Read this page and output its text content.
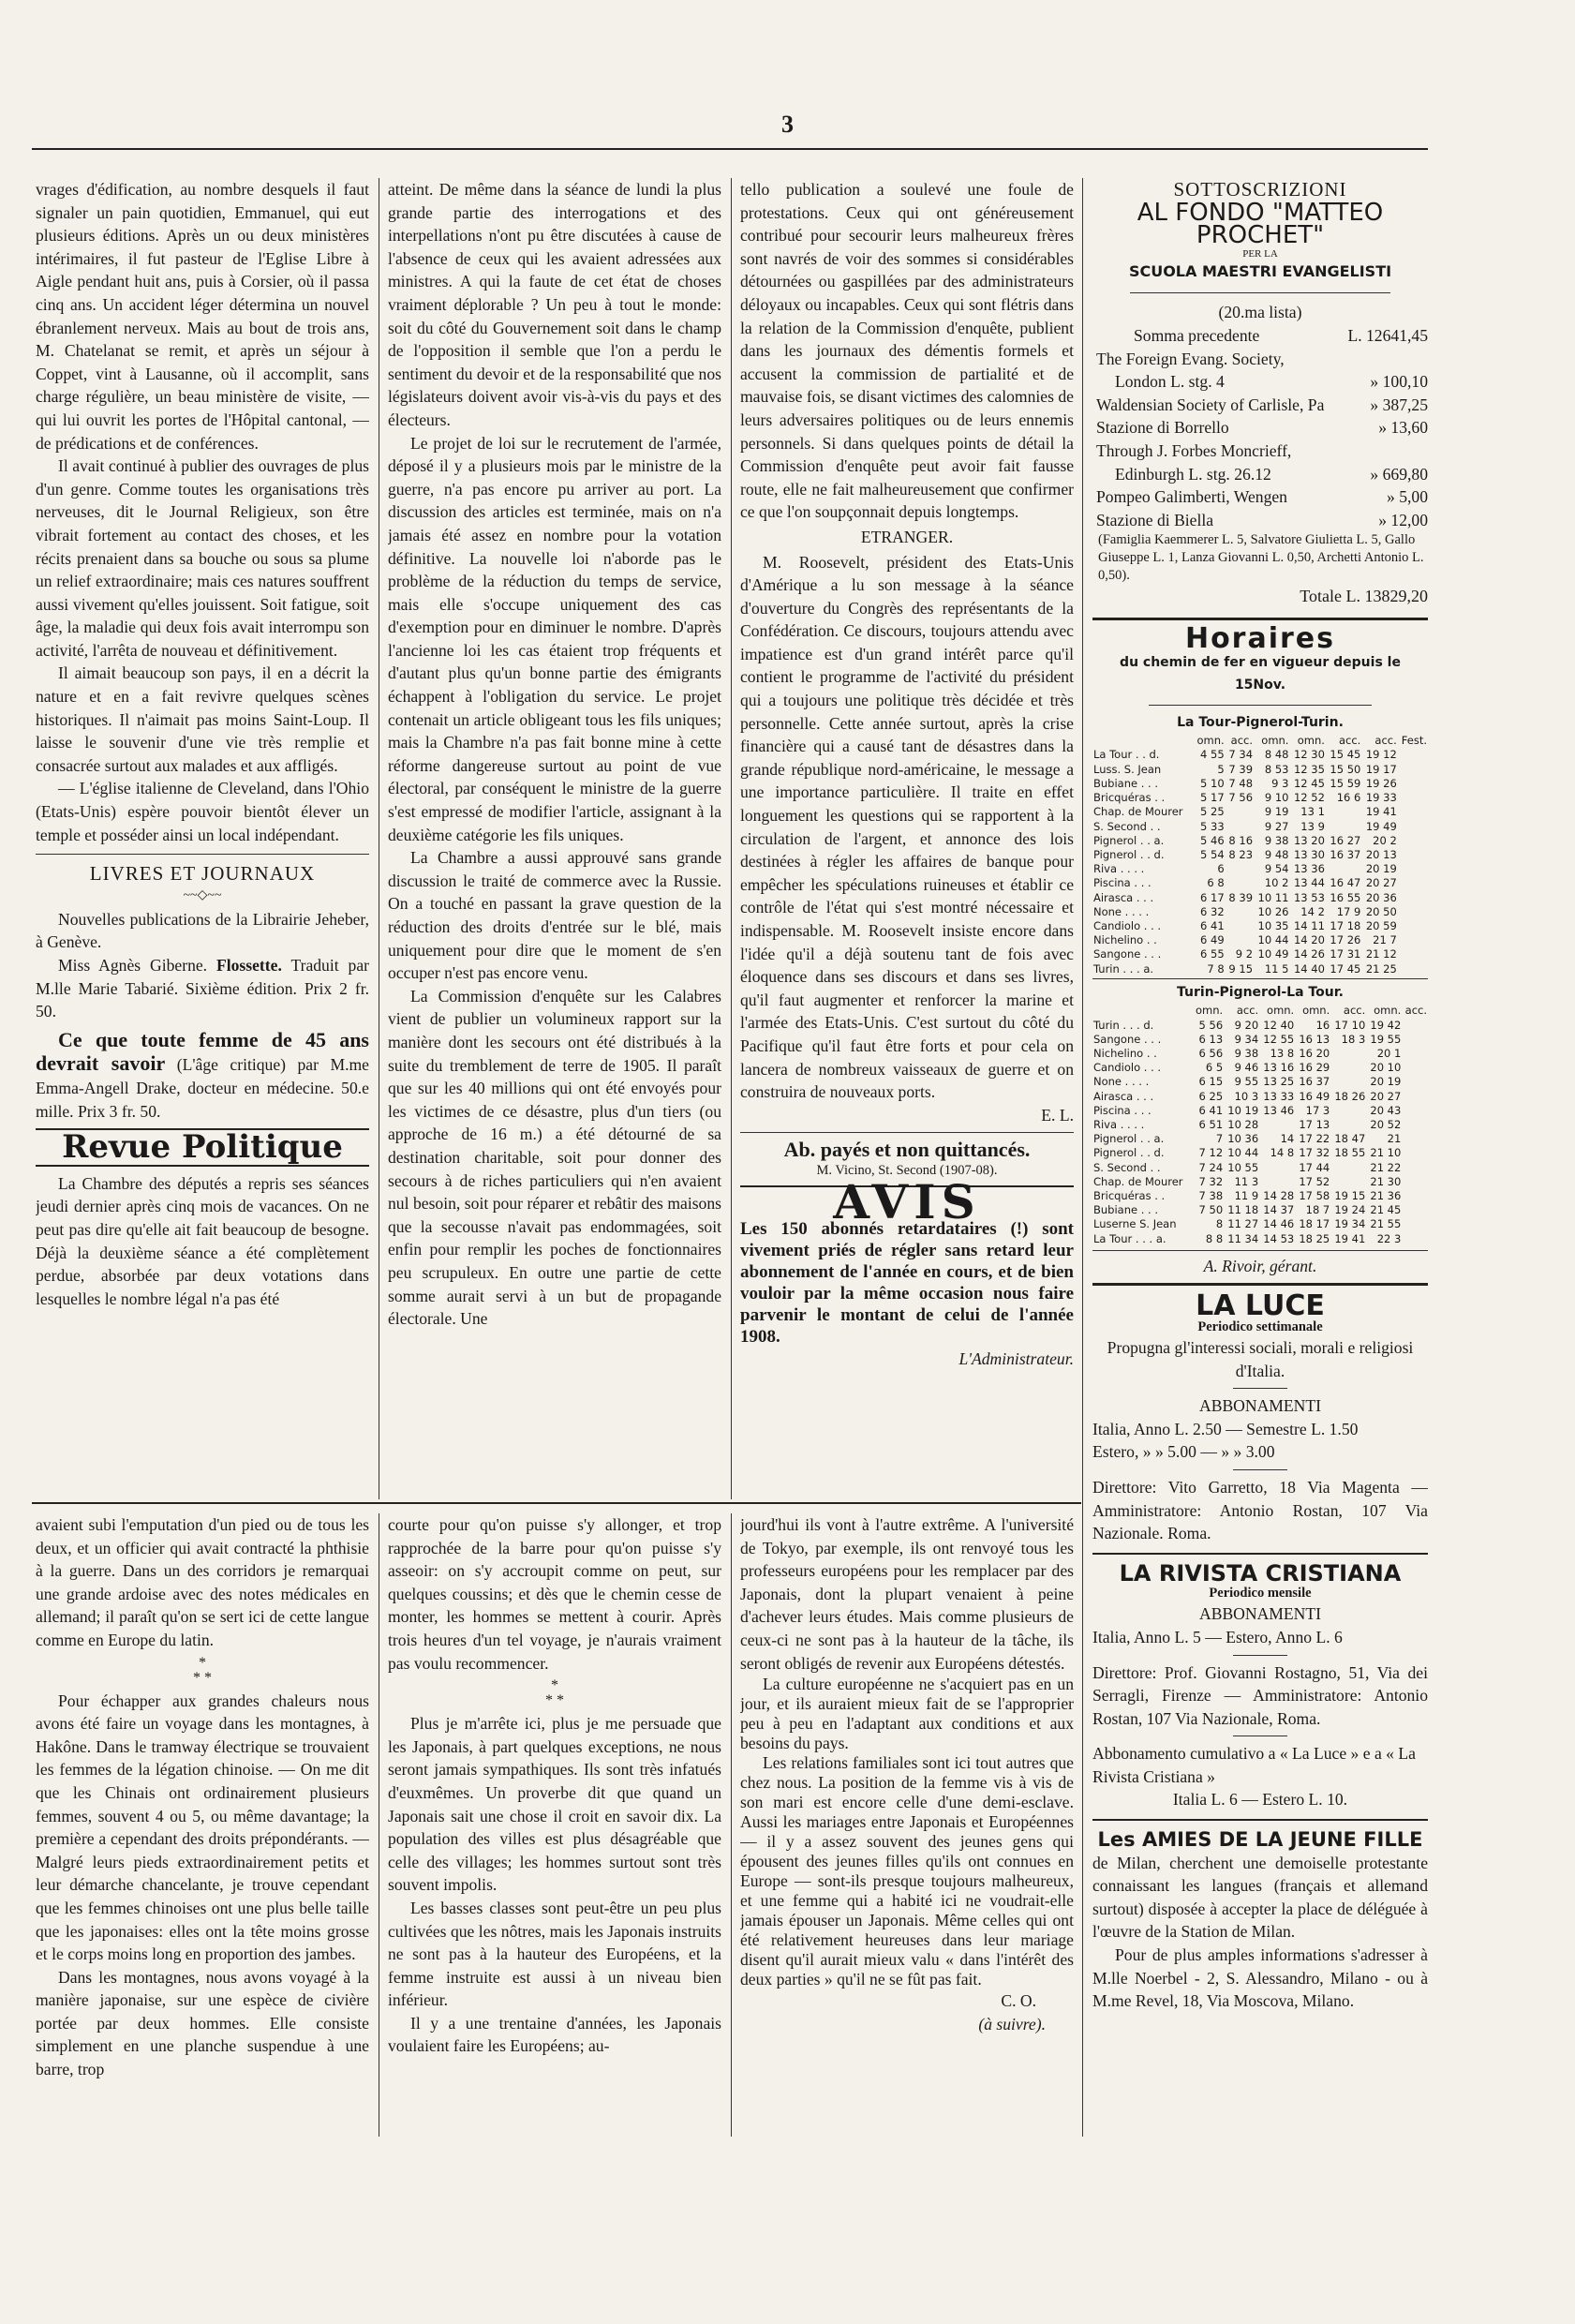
3

vrages d'édification, au nombre desquels il faut signaler un pain quotidien, Emmanuel, qui eut plusieurs éditions. Après un ou deux ministères intérimaires, il fut pasteur de l'Eglise Libre à Aigle pendant huit ans, puis à Corsier, où il passa cinq ans. Un accident léger détermina un nouvel ébranlement nerveux. Mais au bout de trois ans, M. Chatelanat se remit, et après un séjour à Coppet, vint à Lausanne, où il accomplit, sans charge régulière, un beau ministère de visite, — qui lui ouvrit les portes de l'Hôpital cantonal, — de prédications et de conférences.

Il avait continué à publier des ouvrages de plus d'un genre. Comme toutes les organisations très nerveuses, dit le Journal Religieux, son être vibrait fortement au contact des choses, et les récits prenaient dans sa bouche ou sous sa plume un relief extraordinaire; mais ces natures souffrent aussi vivement qu'elles jouissent. Soit fatigue, soit âge, la maladie qui deux fois avait interrompu son activité, l'arrêta de nouveau et définitivement.

Il aimait beaucoup son pays, il en a décrit la nature et en a fait revivre quelques scènes historiques. Il n'aimait pas moins Saint-Loup. Il laisse le souvenir d'une vie très remplie et consacrée surtout aux malades et aux affligés.

— L'église italienne de Cleveland, dans l'Ohio (Etats-Unis) espère pouvoir bientôt élever un temple et posséder ainsi un local indépendant.

LIVRES ET JOURNAUX
~~◇~~

Nouvelles publications de la Librairie Jeheber, à Genève.

Miss Agnès Giberne. Flossette. Traduit par M.lle Marie Tabarié. Sixième édition. Prix 2 fr. 50.

Ce que toute femme de 45 ans devrait savoir (L'âge critique) par M.me Emma-Angell Drake, docteur en médecine. 50.e mille. Prix 3 fr. 50.

Revue Politique

La Chambre des députés a repris ses séances jeudi dernier après cinq mois de vacances. On ne peut pas dire qu'elle ait fait beaucoup de besogne. Déjà la deuxième séance a été complètement perdue, absorbée par deux votations dans lesquelles le nombre légal n'a pas été

atteint. De même dans la séance de lundi la plus grande partie des interrogations et des interpellations n'ont pu être discutées à cause de l'absence de ceux qui les avaient adressées aux ministres. A qui la faute de cet état de choses vraiment déplorable ? Un peu à tout le monde: soit du côté du Gouvernement soit dans le champ de l'opposition il semble que l'on a perdu le sentiment du devoir et de la responsabilité que nos législateurs doivent avoir vis-à-vis du pays et des électeurs.

Le projet de loi sur le recrutement de l'armée, déposé il y a plusieurs mois par le ministre de la guerre, n'a pas encore pu arriver au port. La discussion des articles est terminée, mais on n'a jamais été assez en nombre pour la votation définitive. La nouvelle loi n'aborde pas le problème de la réduction du temps de service, mais elle s'occupe uniquement des cas d'exemption pour en diminuer le nombre. D'après l'ancienne loi les cas étaient trop fréquents et d'autant plus qu'un bonne partie des émigrants échappent à l'obligation du service. Le projet contenait un article obligeant tous les fils uniques; mais la Chambre n'a pas fait bonne mine à cette réforme dangereuse surtout au point de vue électoral, par conséquent le ministre de la guerre s'est empressé de modifier l'article, assignant à la deuxième catégorie les fils uniques.

La Chambre a aussi approuvé sans grande discussion le traité de commerce avec la Russie. On a touché en passant la grave question de la réduction des droits d'entrée sur le blé, mais uniquement pour dire que le moment de s'en occuper n'est pas encore venu.

La Commission d'enquête sur les Calabres vient de publier un volumineux rapport sur la manière dont les secours ont été distribués à la suite du tremblement de terre de 1905. Il paraît que sur les 40 millions qui ont été envoyés pour les victimes de ce désastre, plus d'un tiers (ou approche de 16 m.) a été détourné de sa destination charitable, soit pour donner des secours à de riches particuliers qui n'en avaient nul besoin, soit pour réparer et rebâtir des maisons que la secousse n'avait pas endommagées, soit enfin pour remplir les poches de fonctionnaires peu scrupuleux. En outre une partie de cette somme aurait servi à un but de propagande électorale. Une

tello publication a soulevé une foule de protestations. Ceux qui ont généreusement contribué pour secourir leurs malheureux frères sont navrés de voir des sommes si considérables détournées ou gaspillées par des administrateurs déloyaux ou incapables. Ceux qui sont flétris dans la relation de la Commission d'enquête, publient dans les journaux des démentis formels et accusent la commission de partialité et de mauvaise fois, se disant victimes des calomnies de leurs adversaires politiques ou de leurs ennemis personnels. Si dans quelques points de détail la Commission d'enquête peut avoir fait fausse route, elle ne fait malheureusement que confirmer ce que l'on soupçonnait depuis longtemps.

ETRANGER.

M. Roosevelt, président des Etats-Unis d'Amérique a lu son message à la séance d'ouverture du Congrès des représentants de la Confédération. Ce discours, toujours attendu avec impatience est d'un grand intérêt parce qu'il contient le programme de l'activité du président qui a toujours une politique très décidée et très personnelle. Cette année surtout, après la crise financière qui a causé tant de désastres dans la grande république nord-américaine, le message a une importance particulière. Il traite en effet longuement les questions qui se rapportent à la circulation de l'argent, et annonce des lois destinées à régler les affaires de banque pour empêcher les spéculations ruineuses et établir ce contrôle de l'état qui s'est montré nécessaire et indispensable. M. Roosevelt insiste encore dans l'idée qu'il a déjà soutenu tant de fois avec éloquence dans ses discours et dans ses livres, qu'il faut augmenter et renforcer la marine et l'armée des Etats-Unis. C'est surtout du côté du Pacifique qu'il faut être forts et pour cela on lancera de nombreux vaisseaux de guerre et on construira de nouveaux ports.

E. L.
Ab. payés et non quittancés.
M. Vicino, St. Second (1907-08).
AVIS
Les 150 abonnés retardataires (!) sont vivement priés de régler sans retard leur abonnement de l'année en cours, et de bien vouloir par la même occasion nous faire parvenir le montant de celui de l'année 1908.
L'Administrateur.

avaient subi l'emputation d'un pied ou de tous les deux, et un officier qui avait contracté la phthisie à la guerre. Dans un des corridors je remarquai une grande ardoise avec des notes médicales en allemand; il paraît qu'on se sert ici de cette langue comme en Europe du latin.

*
* *

Pour échapper aux grandes chaleurs nous avons été faire un voyage dans les montagnes, à Hakône. Dans le tramway électrique se trouvaient les femmes de la légation chinoise. — On me dit que les Chinais ont ordinairement plusieurs femmes, souvent 4 ou 5, ou même davantage; la première a cependant des droits prépondérants. — Malgré leurs pieds extraordinairement petits et leur démarche chancelante, je trouve cependant que les femmes chinoises ont une plus belle taille que les japonaises: elles ont la tête moins grosse et le corps moins long en proportion des jambes.

Dans les montagnes, nous avons voyagé à la manière japonaise, sur une espèce de civière portée par deux hommes. Elle consiste simplement en une planche suspendue à une barre, trop

courte pour qu'on puisse s'y allonger, et trop rapprochée de la barre pour qu'on puisse s'y asseoir: on s'y accroupit comme on peut, sur quelques coussins; et dès que le chemin cesse de monter, les hommes se mettent à courir. Après trois heures d'un tel voyage, je n'aurais vraiment pas voulu recommencer.

*
* *

Plus je m'arrête ici, plus je me persuade que les Japonais, à part quelques exceptions, ne nous seront jamais sympathiques. Ils sont très infatués d'euxmêmes. Un proverbe dit que quand un Japonais sait une chose il croit en savoir dix. La population des villes est plus désagréable que celle des villages; les hommes surtout sont très souvent impolis.

Les basses classes sont peut-être un peu plus cultivées que les nôtres, mais les Japonais instruits ne sont pas à la hauteur des Européens, et la femme instruite est aussi à un niveau bien inférieur.

Il y a une trentaine d'années, les Japonais voulaient faire les Européens; au-

jourd'hui ils vont à l'autre extrême. A l'université de Tokyo, par exemple, ils ont renvoyé tous les professeurs européens pour les remplacer par des Japonais, dont la plupart venaient à peine d'achever leurs études. Mais comme plusieurs de ceux-ci ne sont pas à la hauteur de la tâche, ils seront obligés de revenir aux Européens détestés.

La culture européenne ne s'acquiert pas en un jour, et ils auraient mieux fait de se l'approprier peu à peu en l'adaptant aux conditions et aux besoins du pays.

Les relations familiales sont ici tout autres que chez nous. La position de la femme vis à vis de son mari est encore celle d'une demi-esclave. Aussi les mariages entre Japonais et Européennes — il y a assez souvent des jeunes gens qui épousent des jeunes filles qu'ils ont connues en Europe — sont-ils presque toujours malheureux, et une femme qui a habité ici ne voudrait-elle jamais épouser un Japonais. Même celles qui ont été relativement heureuses dans leur mariage disent qu'il aurait mieux valu « dans l'intérêt des deux parties » qu'il ne se fût pas fait.

C. O.
(à suivre).
SOTTOSCRIZIONI
AL FONDO "MATTEO PROCHET"
PER LA
SCUOLA MAESTRI EVANGELISTI
(20.ma lista)
Somma precedente	L. 12641,45
The Foreign Evang. Society,
London L. stg. 4	» 100,10
Waldensian Society of Carlisle, Pa	» 387,25
Stazione di Borrello	» 13,60
Through J. Forbes Moncrieff,
Edinburgh L. stg. 26.12	» 669,80
Pompeo Galimberti, Wengen	» 5,00
Stazione di Biella	» 12,00
(Famiglia Kaemmerer L. 5, Salvatore Giulietta L. 5, Gallo Giuseppe L. 1, Lanza Giovanni L. 0,50, Archetti Antonio L. 0,50).
Totale L. 13829,20
Horaires
du chemin de fer en vigueur depuis le 15Nov.
La Tour-Pignerol-Turin.
	omn.	acc.	omn.	omn.	acc.	acc.	Fest.
La Tour . . d.	4 55	7 34	8 48	12 30	15 45	19 12	
Luss. S. Jean	5	7 39	8 53	12 35	15 50	19 17	
Bubiane . . .	5 10	7 48	9 3	12 45	15 59	19 26	
Bricquéras . .	5 17	7 56	9 10	12 52	16 6	19 33	
Chap. de Mourer	5 25		9 19	13 1		19 41	
S. Second . .	5 33		9 27	13 9		19 49	
Pignerol . . a.	5 46	8 16	9 38	13 20	16 27	20 2	
Pignerol . . d.	5 54	8 23	9 48	13 30	16 37	20 13	
Riva . . . .	6		9 54	13 36		20 19	
Piscina . . .	6 8		10 2	13 44	16 47	20 27	
Airasca . . .	6 17	8 39	10 11	13 53	16 55	20 36	
None . . . .	6 32		10 26	14 2	17 9	20 50	
Candiolo . . .	6 41		10 35	14 11	17 18	20 59	
Nichelino . .	6 49		10 44	14 20	17 26	21 7	
Sangone . . .	6 55	9 2	10 49	14 26	17 31	21 12	
Turin . . . a.	7 8	9 15	11 5	14 40	17 45	21 25	
Turin-Pignerol-La Tour.
	omn.	acc.	omn.	omn.	acc.	omn.	acc.
Turin . . . d.	5 56	9 20	12 40	16	17 10	19 42	
Sangone . . .	6 13	9 34	12 55	16 13	18 3	19 55	
Nichelino . .	6 56	9 38	13 8	16 20		20 1	
Candiolo . . .	6 5	9 46	13 16	16 29		20 10	
None . . . .	6 15	9 55	13 25	16 37		20 19	
Airasca . . .	6 25	10 3	13 33	16 49	18 26	20 27	
Piscina . . .	6 41	10 19	13 46	17 3		20 43	
Riva . . . .	6 51	10 28		17 13		20 52	
Pignerol . . a.	7	10 36	14	17 22	18 47	21	
Pignerol . . d.	7 12	10 44	14 8	17 32	18 55	21 10	
S. Second . .	7 24	10 55		17 44		21 22	
Chap. de Mourer	7 32	11 3		17 52		21 30	
Bricquéras . .	7 38	11 9	14 28	17 58	19 15	21 36	
Bubiane . . .	7 50	11 18	14 37	18 7	19 24	21 45	
Luserne S. Jean	8	11 27	14 46	18 17	19 34	21 55	
La Tour . . . a.	8 8	11 34	14 53	18 25	19 41	22 3	
A. Rivoir, gérant.
LA LUCE
Periodico settimanale
Propugna gl'interessi sociali, morali e religiosi d'Italia.
ABBONAMENTI
Italia, Anno L. 2.50 — Semestre L. 1.50
Estero, » » 5.00 — » » 3.00
Direttore: Vito Garretto, 18 Via Magenta — Amministratore: Antonio Rostan, 107 Via Nazionale. Roma.
LA RIVISTA CRISTIANA
Periodico mensile
ABBONAMENTI
Italia, Anno L. 5 — Estero, Anno L. 6
Direttore: Prof. Giovanni Rostagno, 51, Via dei Serragli, Firenze — Amministratore: Antonio Rostan, 107 Via Nazionale, Roma.
Abbonamento cumulativo a « La Luce » e a « La Rivista Cristiana »
Italia L. 6 — Estero L. 10.
Les AMIES DE LA JEUNE FILLE
de Milan, cherchent une demoiselle protestante connaissant les langues (français et allemand surtout) disposée à accepter la place de déléguée à l'œuvre de la Station de Milan.
Pour de plus amples informations s'adresser à M.lle Noerbel - 2, S. Alessandro, Milano - ou à M.me Revel, 18, Via Moscova, Milano.
